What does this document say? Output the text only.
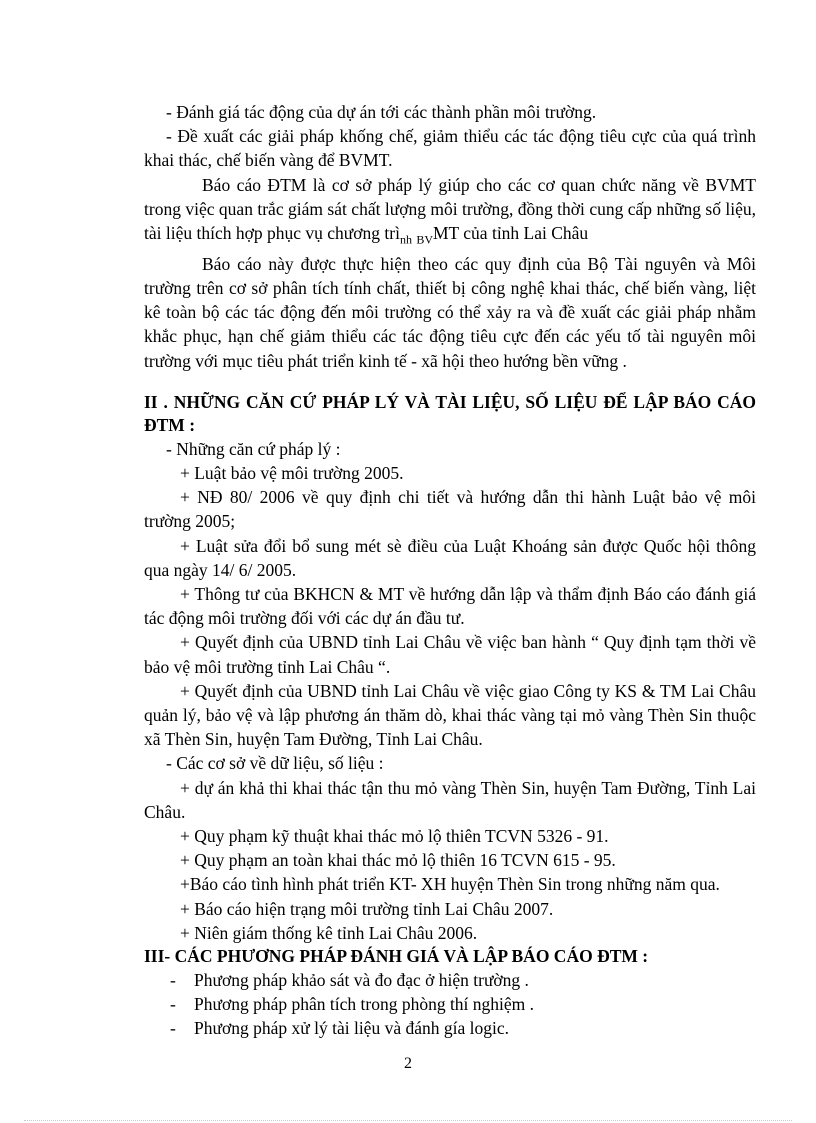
- Đánh giá tác động của dự án tới các thành phần môi trường.

- Đề xuất các giải pháp khống chế, giảm thiểu các tác động tiêu cực của quá trình khai thác, chế biến vàng để BVMT.

Báo cáo ĐTM là cơ sở pháp lý giúp cho các cơ quan chức năng về BVMT trong việc quan trắc giám sát chất lượng môi trường, đồng thời cung cấp những số liệu, tài liệu thích hợp phục vụ chương trì$_{nh}$ $_{BV}$MT của tỉnh Lai Châu

Báo cáo này được thực hiện theo các quy định của Bộ Tài nguyên và Môi trường trên cơ sở phân tích tính chất, thiết bị công nghệ khai thác, chế biến vàng, liệt kê toàn bộ các tác động đến môi trường có thể xảy ra và đề xuất các giải pháp nhằm khắc phục, hạn chế giảm thiểu các tác động tiêu cực đến các yếu tố tài nguyên môi trường với mục tiêu phát triển kinh tế - xã hội theo hướng bền vững .

II . NHỮNG CĂN CỨ PHÁP LÝ VÀ TÀI LIỆU, SỐ LIỆU ĐỂ LẬP BÁO CÁO ĐTM :

- Những căn cứ pháp lý :

+ Luật bảo vệ môi trường 2005.

+ NĐ 80/ 2006 về quy định chi tiết và hướng dẫn thi hành Luật bảo vệ môi trường 2005;

+ Luật sửa đổi bổ sung mét sè điều của Luật Khoáng sản được Quốc hội thông qua ngày 14/ 6/ 2005.

+ Thông tư của BKHCN & MT về hướng dẫn lập và thẩm định Báo cáo đánh giá tác động môi trường đối với các dự án đầu tư.

+ Quyết định của UBND tỉnh Lai Châu về việc ban hành “ Quy định tạm thời về bảo vệ môi trường tỉnh Lai Châu “.

+ Quyết định của UBND tỉnh Lai Châu về việc giao Công ty KS & TM Lai Châu quản lý, bảo vệ và lập phương án thăm dò, khai thác vàng tại mỏ vàng Thèn Sin thuộc xã Thèn Sin, huyện Tam Đường, Tỉnh Lai Châu.

- Các cơ sở về dữ liệu, số liệu :

+ dự án khả thi khai thác tận thu mỏ vàng Thèn Sin, huyện Tam Đường, Tỉnh Lai Châu.

+ Quy phạm kỹ thuật khai thác mỏ lộ thiên TCVN 5326 - 91.

+ Quy phạm an toàn khai thác mỏ lộ thiên 16 TCVN 615 - 95.

+Báo cáo tình hình phát triển KT- XH huyện Thèn Sin trong những năm qua.

+ Báo cáo hiện trạng môi trường tỉnh Lai Châu 2007.

+ Niên giám thống kê tỉnh Lai Châu 2006.

III- CÁC PHƯƠNG PHÁP ĐÁNH GIÁ VÀ LẬP BÁO CÁO ĐTM :

- Phương pháp khảo sát và đo đạc ở hiện trường .

- Phương pháp phân tích trong phòng thí nghiệm .

- Phương pháp xử lý tài liệu và đánh gía logic.

2
